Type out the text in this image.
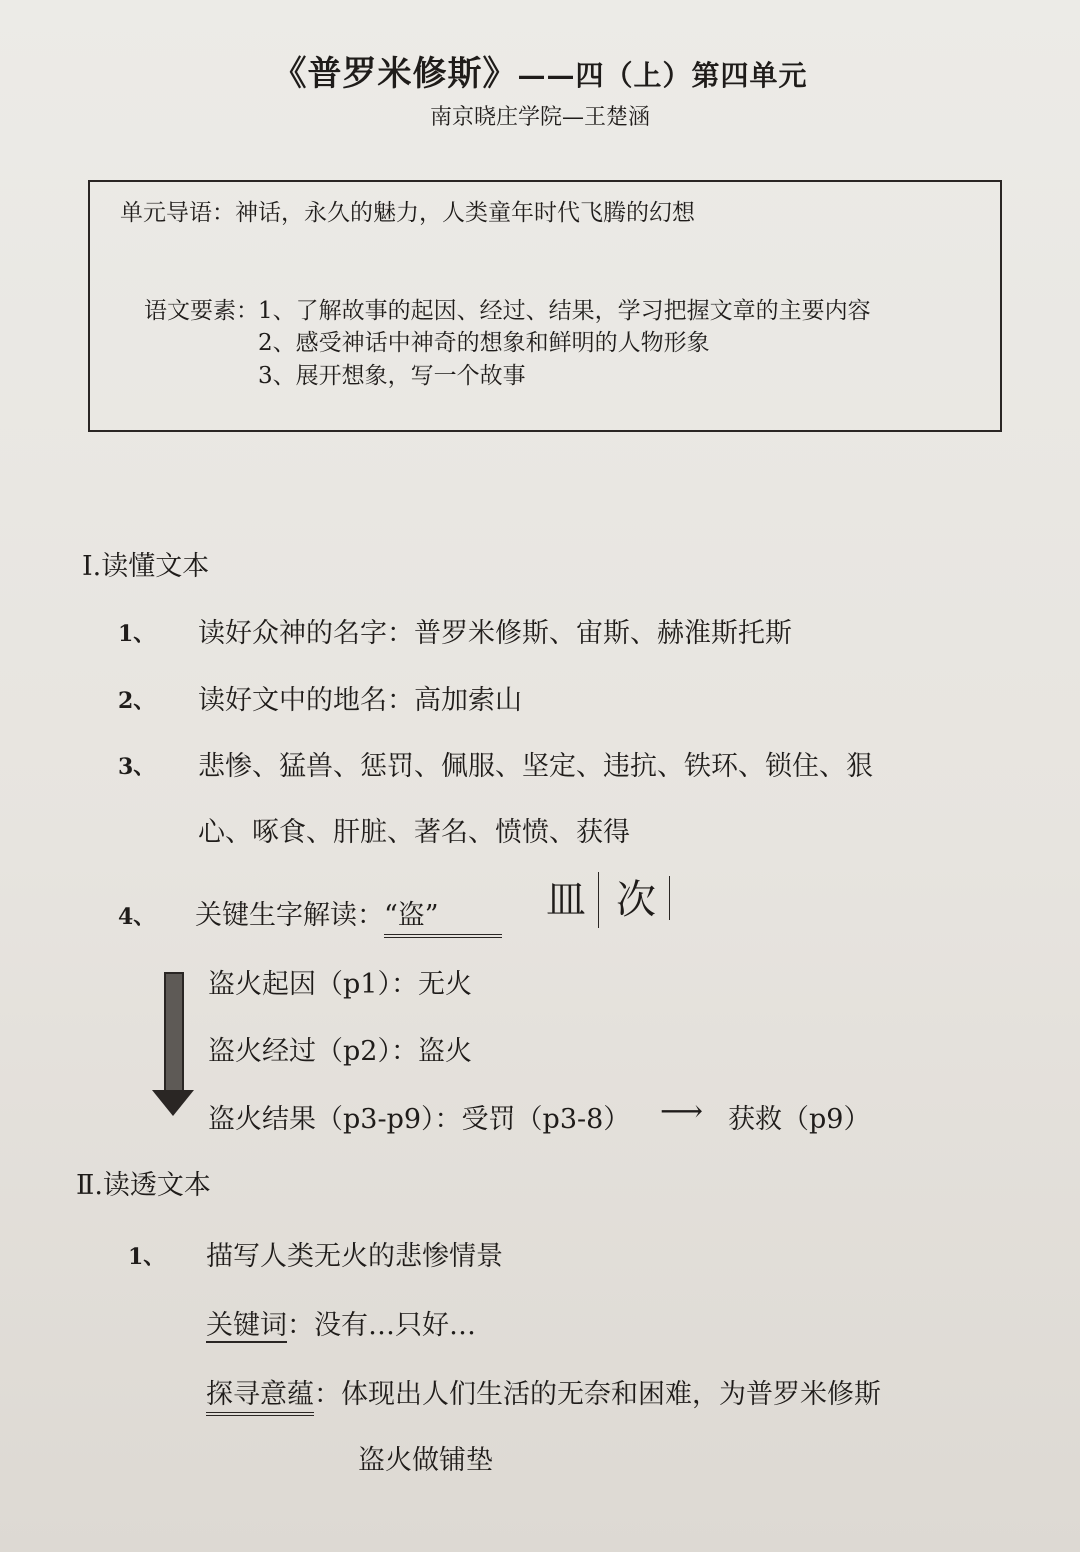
《普罗米修斯》——四（上）第四单元
南京晓庄学院—王楚涵
单元导语：神话，永久的魅力，人类童年时代飞腾的幻想
语文要素： 1、了解故事的起因、经过、结果，学习把握文章的主要内容
2、感受神话中神奇的想象和鲜明的人物形象
3、展开想象，写一个故事
Ⅰ.读懂文本
1、 读好众神的名字：普罗米修斯、宙斯、赫淮斯托斯
2、 读好文中的地名：高加索山
3、 悲惨、猛兽、惩罚、佩服、坚定、违抗、铁环、锁住、狠
心、啄食、肝脏、著名、愤愤、获得
4、 关键生字解读：“盗”	皿 次
盗火起因（p1）：无火
盗火经过（p2）：盗火
盗火结果（p3-p9）：受罚（p3-8） ⟶ 获救（p9）
Ⅱ.读透文本
1、 描写人类无火的悲惨情景
关键词：没有…只好…
探寻意蕴：体现出人们生活的无奈和困难，为普罗米修斯
盗火做铺垫
